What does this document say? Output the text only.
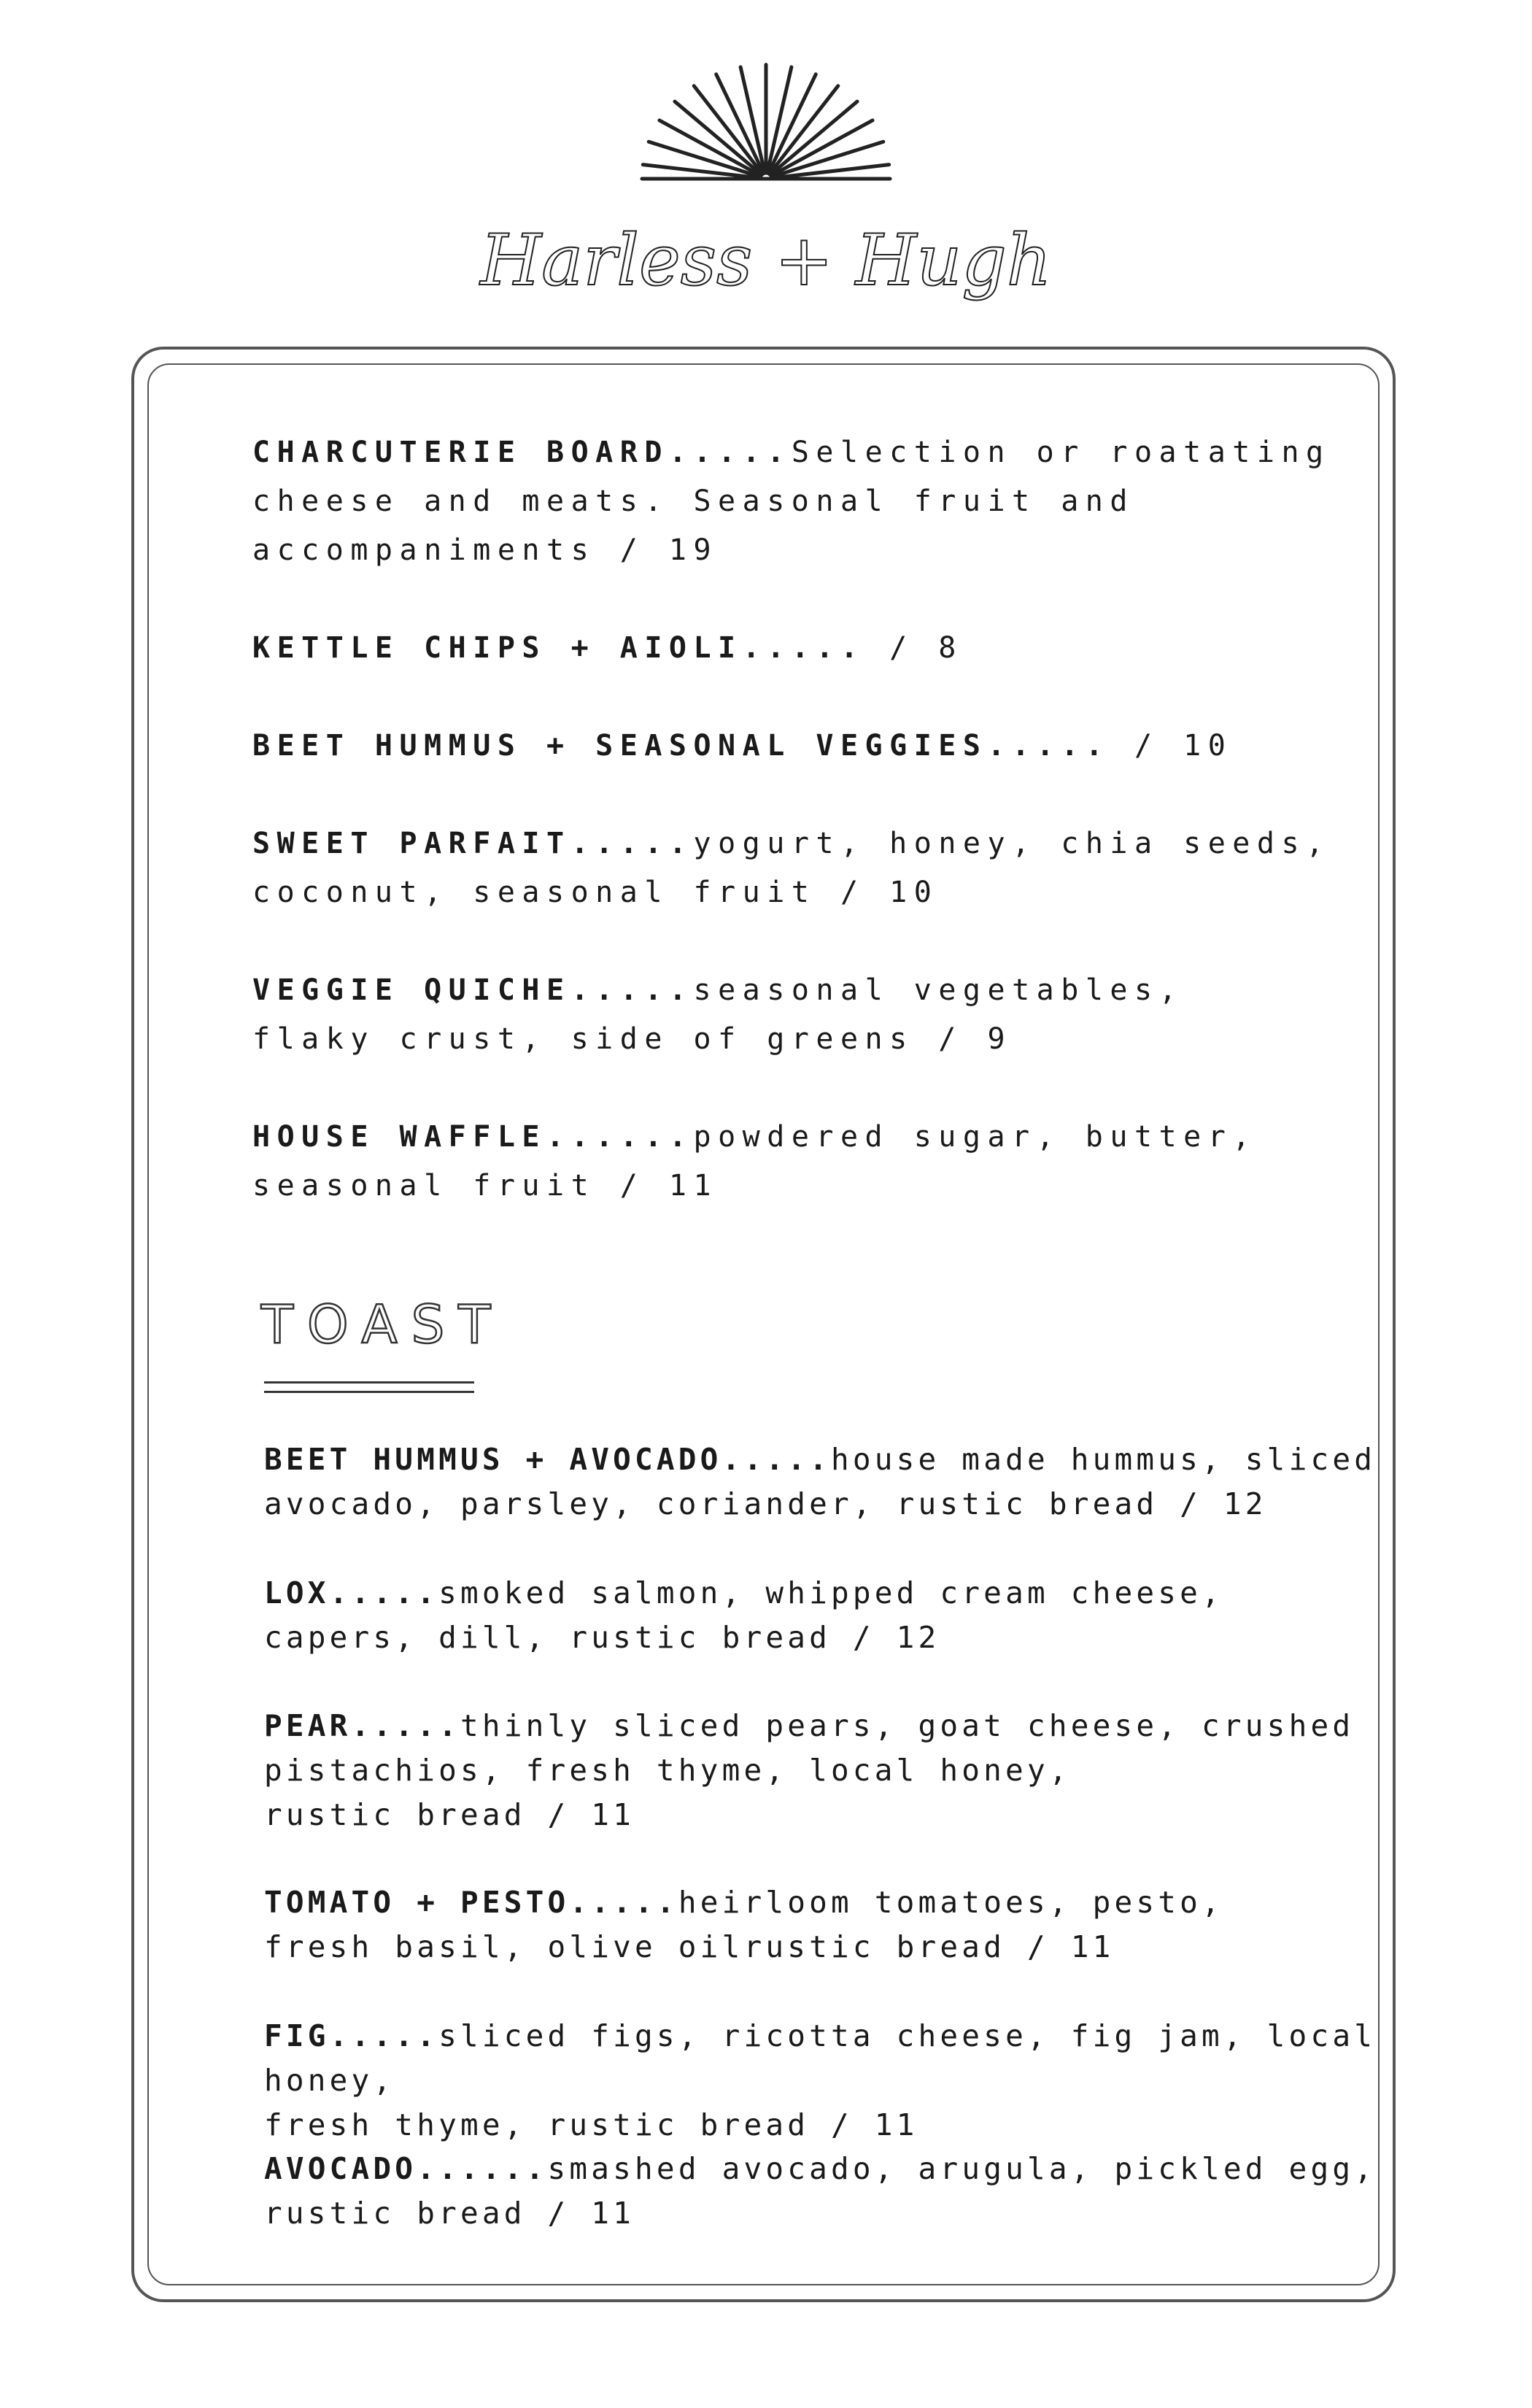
Harless + Hugh
CHARCUTERIE BOARD.....Selection or roatating
cheese and meats. Seasonal fruit and
accompaniments / 19
KETTLE CHIPS + AIOLI..... / 8
BEET HUMMUS + SEASONAL VEGGIES..... / 10
SWEET PARFAIT.....yogurt, honey, chia seeds,
coconut, seasonal fruit / 10
VEGGIE QUICHE.....seasonal vegetables,
flaky crust, side of greens / 9
HOUSE WAFFLE......powdered sugar, butter,
seasonal fruit / 11
TOAST
BEET HUMMUS + AVOCADO.....house made hummus, sliced
avocado, parsley, coriander, rustic bread / 12
LOX.....smoked salmon, whipped cream cheese,
capers, dill, rustic bread / 12
PEAR.....thinly sliced pears, goat cheese, crushed
pistachios, fresh thyme, local honey,
rustic bread / 11
TOMATO + PESTO.....heirloom tomatoes, pesto,
fresh basil, olive oilrustic bread / 11
FIG.....sliced figs, ricotta cheese, fig jam, local honey,
fresh thyme, rustic bread / 11
AVOCADO......smashed avocado, arugula, pickled egg,
rustic bread / 11
